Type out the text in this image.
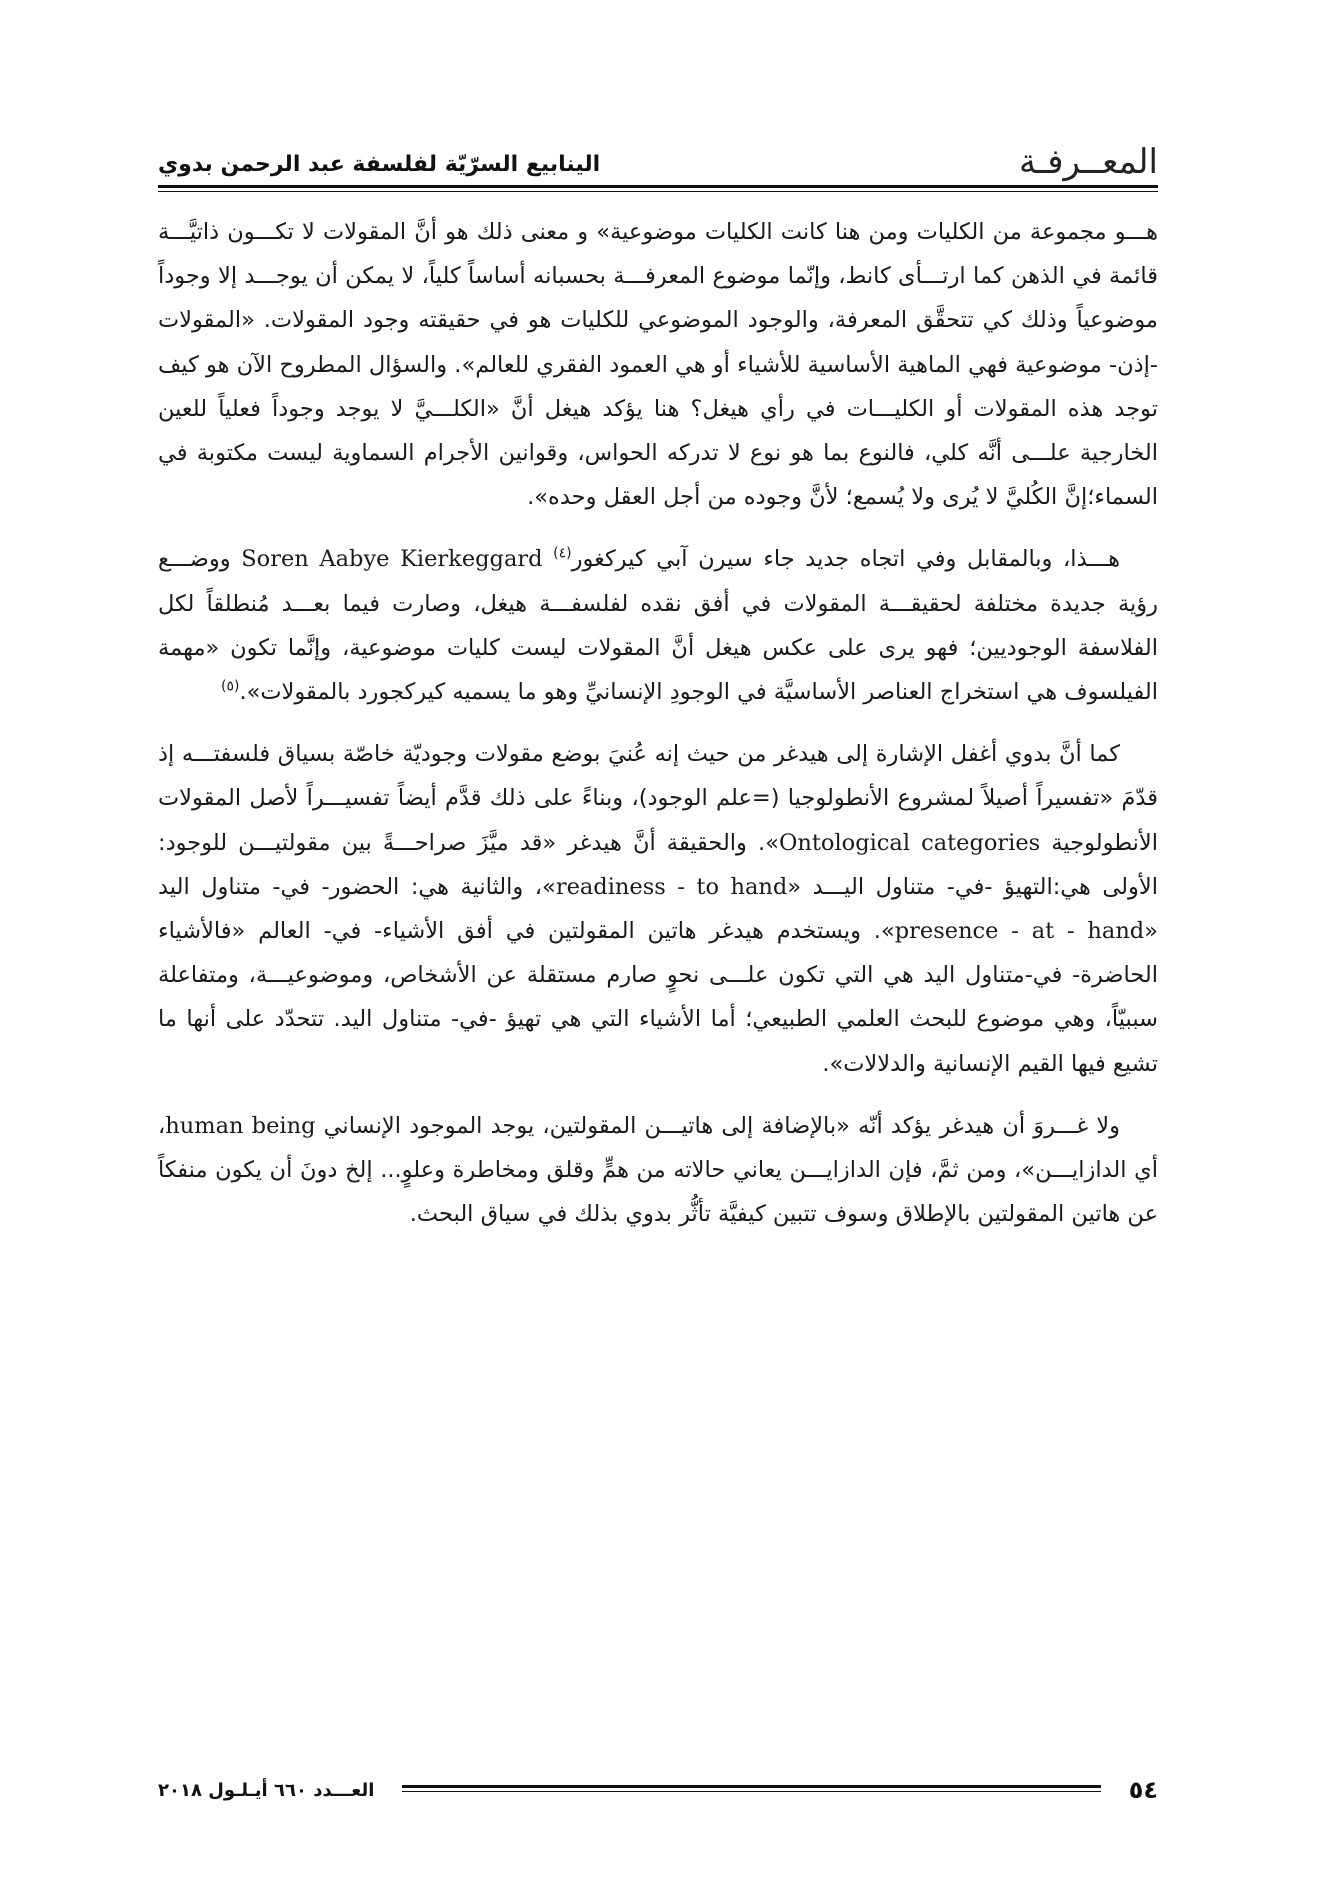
المعــرفـة
الينابيع السرّيّة لفلسفة عبد الرحمن بدوي

هـــو مجموعة من الكليات ومن هنا كانت الكليات موضوعية» و معنى ذلك هو أنَّ المقولات لا تكـــون ذاتيَّـــة قائمة في الذهن كما ارتـــأى كانط، وإنّما موضوع المعرفـــة بحسبانه أساساً كلياً، لا يمكن أن يوجـــد إلا وجوداً موضوعياً وذلك كي تتحقَّق المعرفة، والوجود الموضوعي للكليات هو في حقيقته وجود المقولات. «المقولات -إذن- موضوعية فهي الماهية الأساسية للأشياء أو هي العمود الفقري للعالم». والسؤال المطروح الآن هو كيف توجد هذه المقولات أو الكليـــات في رأي هيغل؟ هنا يؤكد هيغل أنَّ «الكلـــيَّ لا يوجد وجوداً فعلياً للعين الخارجية علـــى أنَّه كلي، فالنوع بما هو نوع لا تدركه الحواس، وقوانين الأجرام السماوية ليست مكتوبة في السماء؛إنَّ الكُليَّ لا يُرى ولا يُسمع؛ لأنَّ وجوده من أجل العقل وحده».

هـــذا، وبالمقابل وفي اتجاه جديد جاء سيرن آبي كيركغور$^{(٤)}$ Soren Aabye Kierkeggard ووضـــع رؤية جديدة مختلفة لحقيقـــة المقولات في أفق نقده لفلسفـــة هيغل، وصارت فيما بعـــد مُنطلقاً لكل الفلاسفة الوجوديين؛ فهو يرى على عكس هيغل أنَّ المقولات ليست كليات موضوعية، وإنَّما تكون «مهمة الفيلسوف هي استخراج العناصر الأساسيَّة في الوجودِ الإنسانيِّ وهو ما يسميه كيركجورد بالمقولات».$^{(٥)}$

كما أنَّ بدوي أغفل الإشارة إلى هيدغر من حيث إنه عُنيَ بوضع مقولات وجوديّة خاصّة بسياق فلسفتـــه إذ قدّمَ «تفسيراً أصيلاً لمشروع الأنطولوجيا (=علم الوجود)، وبناءً على ذلك قدَّم أيضاً تفسيـــراً لأصل المقولات الأنطولوجية Ontological categories». والحقيقة أنَّ هيدغر «قد ميَّزَ صراحـــةً بين مقولتيـــن للوجود: الأولى هي:التهيؤ -في- متناول اليـــد «readiness - to hand»، والثانية هي: الحضور- في- متناول اليد «presence - at - hand». ويستخدم هيدغر هاتين المقولتين في أفق الأشياء- في- العالم «فالأشياء الحاضرة- في-متناول اليد هي التي تكون علـــى نحوٍ صارم مستقلة عن الأشخاص، وموضوعيـــة، ومتفاعلة سببيّاً، وهي موضوع للبحث العلمي الطبيعي؛ أما الأشياء التي هي تهيؤ -في- متناول اليد. تتحدّد على أنها ما تشيع فيها القيم الإنسانية والدلالات».

ولا غـــروَ أن هيدغر يؤكد أنّه «بالإضافة إلى هاتيـــن المقولتين، يوجد الموجود الإنساني human being، أي الدازايـــن»، ومن ثمَّ، فإن الدازايـــن يعاني حالاته من همٍّ وقلق ومخاطرة وعلوٍ... إلخ دونَ أن يكون منفكاً عن هاتين المقولتين بالإطلاق وسوف تتبين كيفيَّة تأثُّر بدوي بذلك في سياق البحث.

٥٤
العـــدد ٦٦٠ أيـلـول ٢٠١٨
